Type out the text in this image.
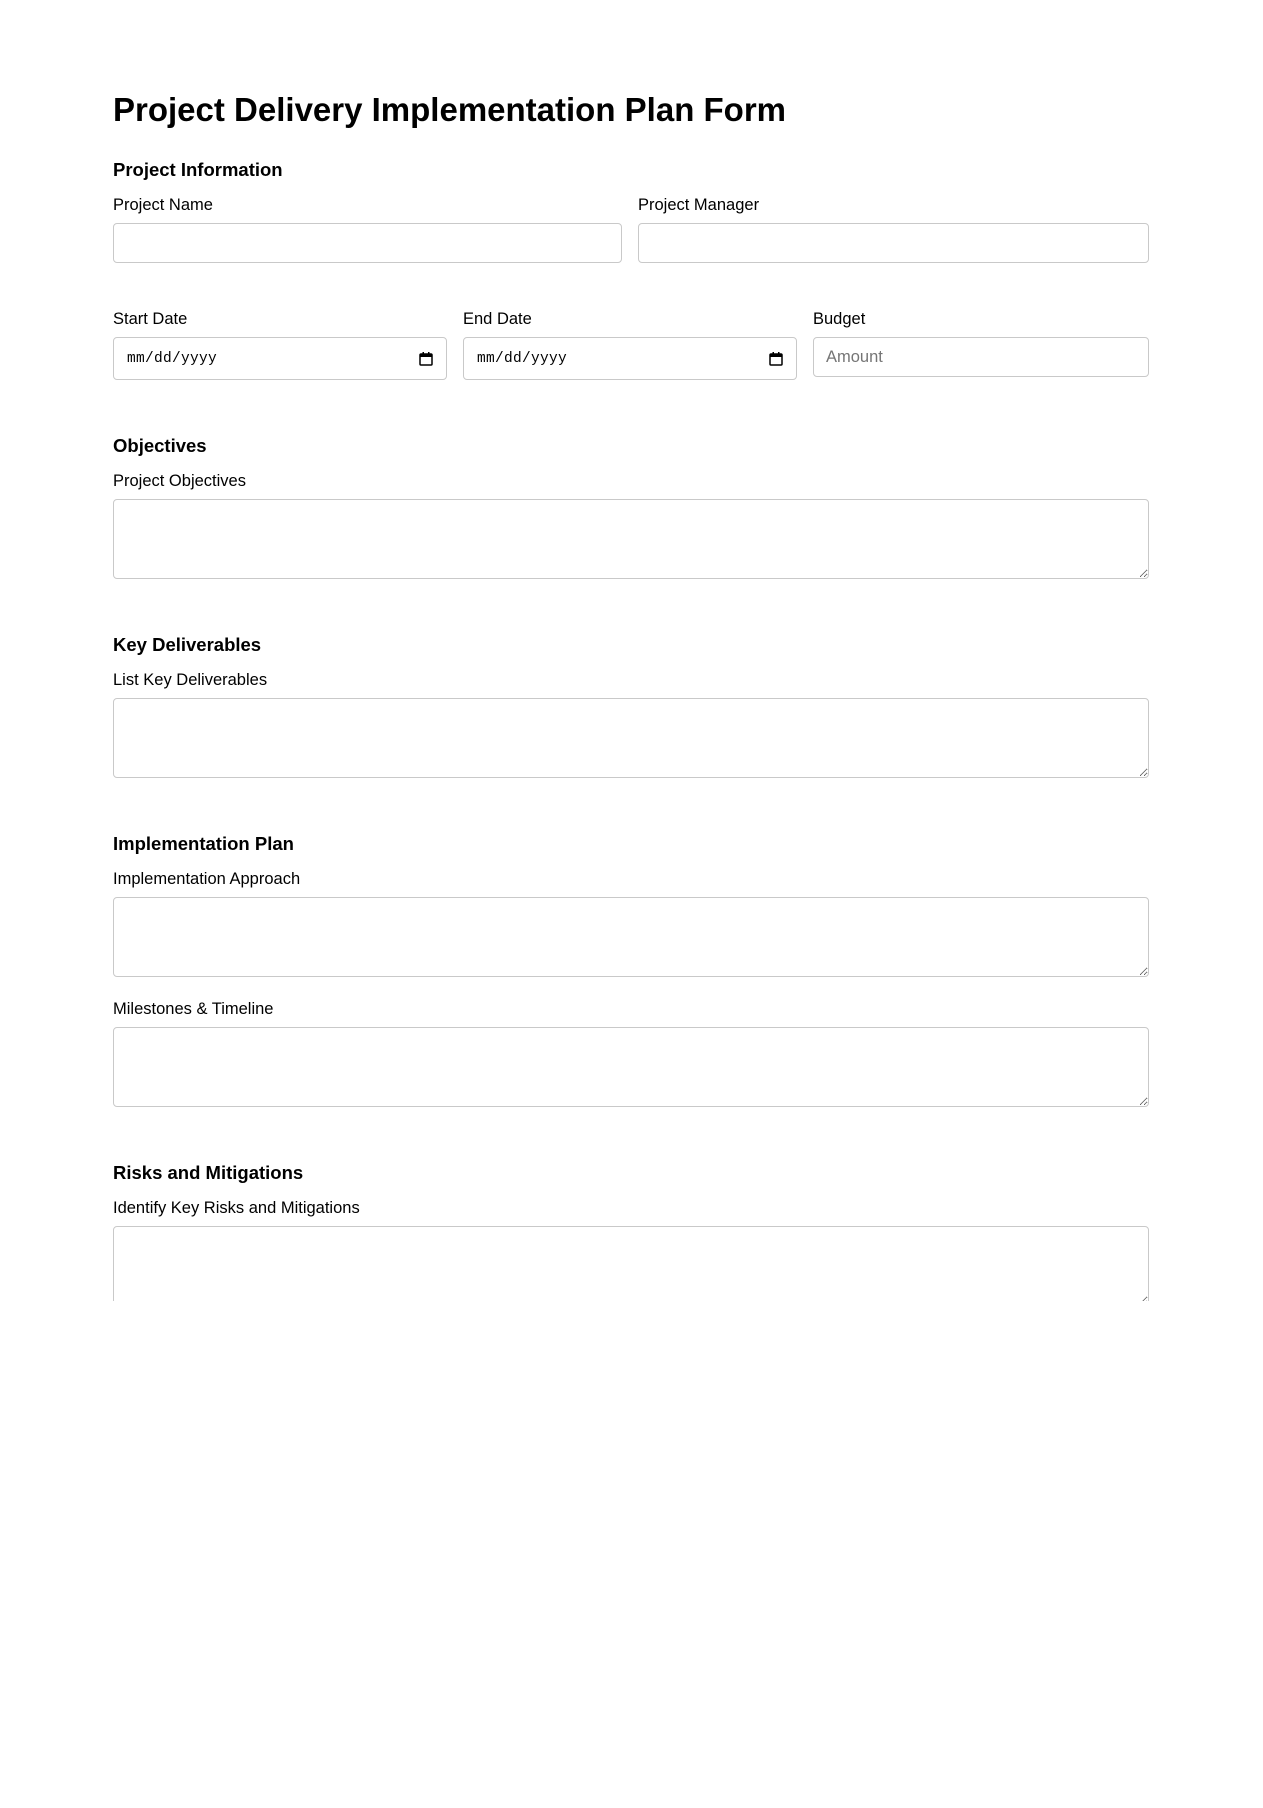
Project Delivery Implementation Plan Form
Project Information
Project Name	Project Manager
Start Date
mm/dd/yyyy
End Date
mm/dd/yyyy
Budget
Amount
Objectives
Project Objectives
Key Deliverables
List Key Deliverables
Implementation Plan
Implementation Approach
Milestones & Timeline
Risks and Mitigations
Identify Key Risks and Mitigations
